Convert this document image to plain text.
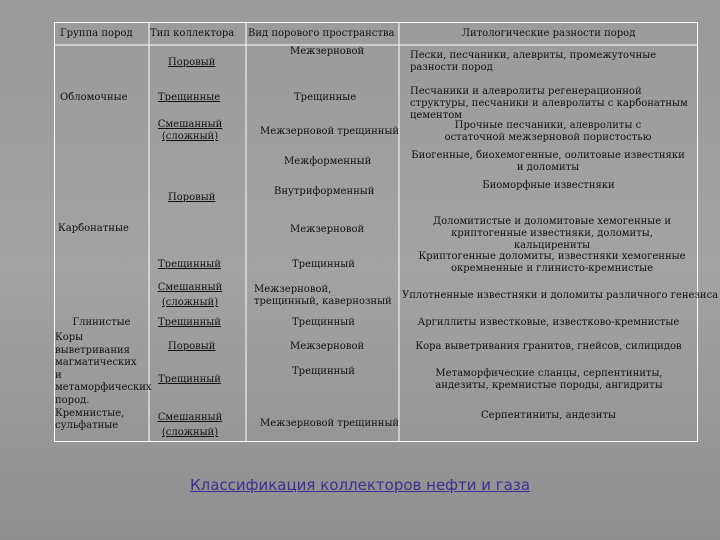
Группа пород Тип коллектора Вид порового пространства	Литологические разности пород
Обломочные
Карбонатные
Глинистые
Коры выветривания магматических и метаморфических пород. Кремнистые, сульфатные
Поровый
Трещинные
Смешанный (сложный)
Поровый
Трещинный
Смешанный (сложный)
Трещинный
Поровый
Трещинный
Смешанный (сложный)
Межзерновой
Трещинные
Межзерновой трещинный
Межформенный
Внутриформенный
Межзерновой
Трещинный
Межзерновой, трещинный, кавернозный
Трещинный
Межзерновой
Трещинный
Межзерновой трещинный
Пески, песчаники, алевриты, промежуточные разности пород
Песчаники и алевролиты регенерационной структуры, песчаники и алевролиты с карбонатным цементом
Прочные песчаники, алевролиты с остаточной межзерновой пористостью
Биогенные, биохемогенные, оолитовые известняки и доломиты
Биоморфные известняки
Доломитистые и доломитовые хемогенные и криптогенные известняки, доломиты, кальцирениты
Криптогенные доломиты, известняки хемогенные окремненные и глинисто-кремнистые
Уплотненные известняки и доломиты различного генезиса
Аргиллиты известковые, известково-кремнистые
Кора выветривания гранитов, гнейсов, силицидов
Метаморфические сланцы, серпентиниты, андезиты, кремнистые породы, ангидриты
Серпентиниты, андезиты
Классификация коллекторов нефти и газа
